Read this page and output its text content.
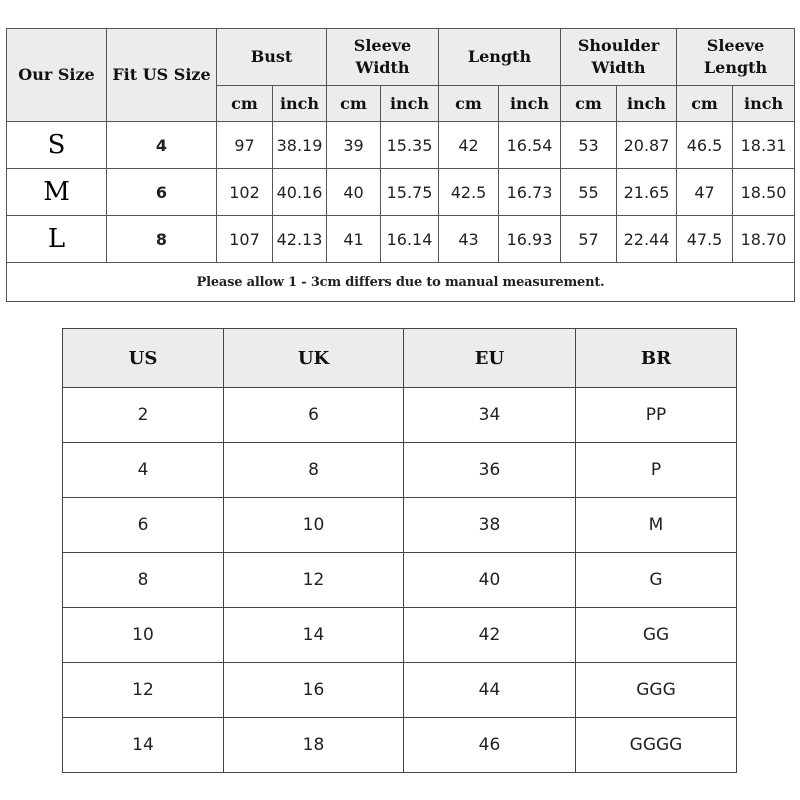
Our Size	Fit US Size	Bust		Sleeve Width		Length		Shoulder Width		Sleeve Length	
		cm	inch	cm	inch	cm	inch	cm	inch	cm	inch
S	4	97	38.19	39	15.35	42	16.54	53	20.87	46.5	18.31
M	6	102	40.16	40	15.75	42.5	16.73	55	21.65	47	18.50
L	8	107	42.13	41	16.14	43	16.93	57	22.44	47.5	18.70
Please allow 1 - 3cm differs due to manual measurement.											
US	UK	EU	BR
2	6	34	PP
4	8	36	P
6	10	38	M
8	12	40	G
10	14	42	GG
12	16	44	GGG
14	18	46	GGGG
